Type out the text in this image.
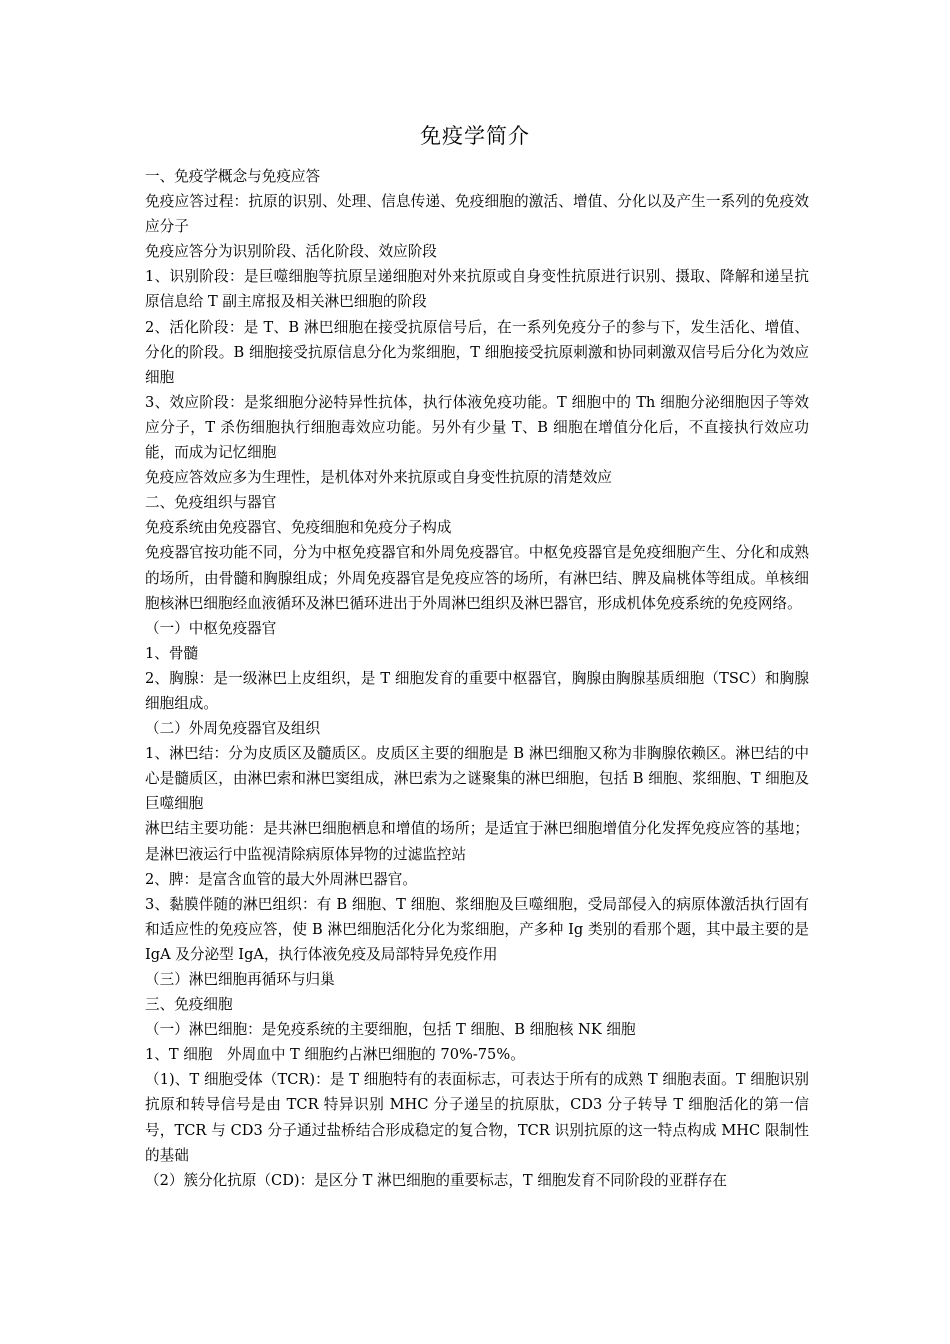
免疫学简介

一、免疫学概念与免疫应答

免疫应答过程：抗原的识别、处理、信息传递、免疫细胞的激活、增值、分化以及产生一系列的免疫效应分子

免疫应答分为识别阶段、活化阶段、效应阶段

1、识别阶段：是巨噬细胞等抗原呈递细胞对外来抗原或自身变性抗原进行识别、摄取、降解和递呈抗原信息给 T 副主席报及相关淋巴细胞的阶段

2、活化阶段：是 T、B 淋巴细胞在接受抗原信号后，在一系列免疫分子的参与下，发生活化、增值、分化的阶段。B 细胞接受抗原信息分化为浆细胞，T 细胞接受抗原刺激和协同刺激双信号后分化为效应细胞

3、效应阶段：是浆细胞分泌特异性抗体，执行体液免疫功能。T 细胞中的 Th 细胞分泌细胞因子等效应分子，T 杀伤细胞执行细胞毒效应功能。另外有少量 T、B 细胞在增值分化后，不直接执行效应功能，而成为记忆细胞

免疫应答效应多为生理性，是机体对外来抗原或自身变性抗原的清楚效应

二、免疫组织与器官

免疫系统由免疫器官、免疫细胞和免疫分子构成

免疫器官按功能不同，分为中枢免疫器官和外周免疫器官。中枢免疫器官是免疫细胞产生、分化和成熟的场所，由骨髓和胸腺组成；外周免疫器官是免疫应答的场所，有淋巴结、脾及扁桃体等组成。单核细胞核淋巴细胞经血液循环及淋巴循环进出于外周淋巴组织及淋巴器官，形成机体免疫系统的免疫网络。

（一）中枢免疫器官

1、骨髓

2、胸腺：是一级淋巴上皮组织，是 T 细胞发育的重要中枢器官，胸腺由胸腺基质细胞（TSC）和胸腺细胞组成。

（二）外周免疫器官及组织

1、淋巴结：分为皮质区及髓质区。皮质区主要的细胞是 B 淋巴细胞又称为非胸腺依赖区。淋巴结的中心是髓质区，由淋巴索和淋巴窦组成，淋巴索为之谜聚集的淋巴细胞，包括 B 细胞、浆细胞、T 细胞及巨噬细胞

淋巴结主要功能：是共淋巴细胞栖息和增值的场所；是适宜于淋巴细胞增值分化发挥免疫应答的基地；是淋巴液运行中监视清除病原体异物的过滤监控站

2、脾：是富含血管的最大外周淋巴器官。

3、黏膜伴随的淋巴组织：有 B 细胞、T 细胞、浆细胞及巨噬细胞，受局部侵入的病原体激活执行固有和适应性的免疫应答，使 B 淋巴细胞活化分化为浆细胞，产多种 Ig 类别的看那个题，其中最主要的是 IgA 及分泌型 IgA，执行体液免疫及局部特异免疫作用

（三）淋巴细胞再循环与归巢

三、免疫细胞

（一）淋巴细胞：是免疫系统的主要细胞，包括 T 细胞、B 细胞核 NK 细胞

1、T 细胞　外周血中 T 细胞约占淋巴细胞的 70%-75%。

（1)、T 细胞受体（TCR)：是 T 细胞特有的表面标志，可表达于所有的成熟 T 细胞表面。T 细胞识别抗原和转导信号是由 TCR 特异识别 MHC 分子递呈的抗原肽，CD3 分子转导 T 细胞活化的第一信号，TCR 与 CD3 分子通过盐桥结合形成稳定的复合物，TCR 识别抗原的这一特点构成 MHC 限制性的基础

（2）簇分化抗原（CD)：是区分 T 淋巴细胞的重要标志，T 细胞发育不同阶段的亚群存在
